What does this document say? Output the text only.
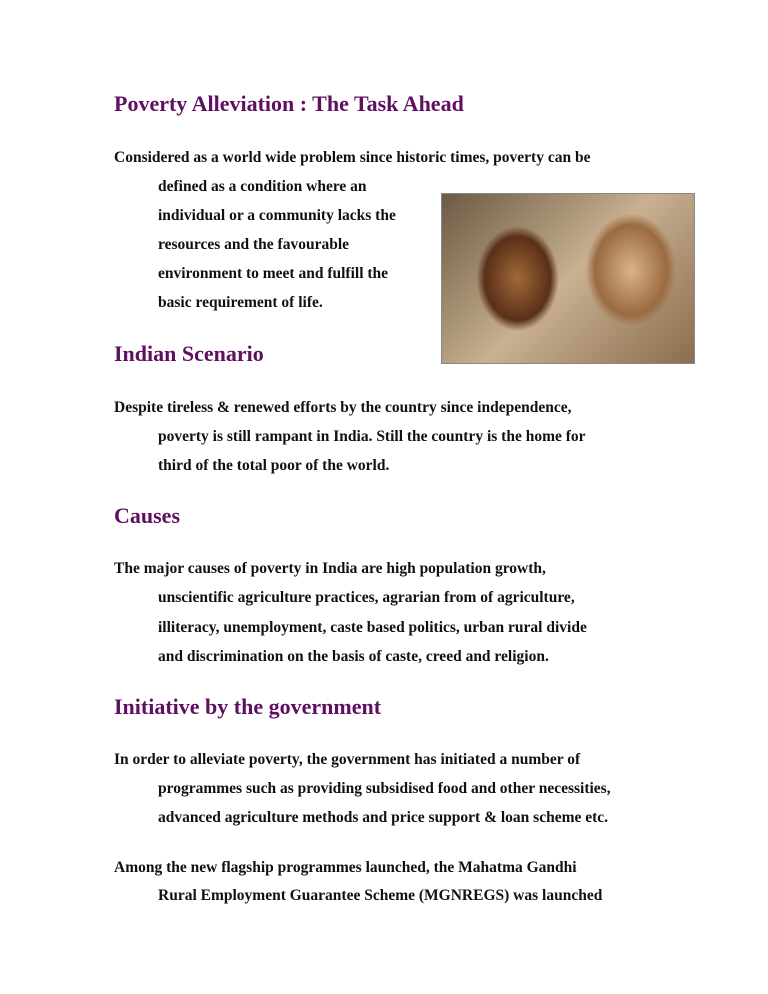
Poverty Alleviation : The Task Ahead
Considered as a world wide problem since historic times, poverty can be
defined as a condition where an
individual or a community lacks the
resources and the favourable
environment to meet and fulfill the
basic requirement of life.
Indian Scenario
Despite tireless & renewed efforts by the country since independence,
poverty is still rampant in India. Still the country is the home for
third of the total poor of the world.
Causes
The major causes of poverty in India are high population growth,
unscientific agriculture practices, agrarian from of agriculture,
illiteracy, unemployment, caste based politics, urban rural divide
and discrimination on the basis of caste, creed and religion.
Initiative by the government
In order to alleviate poverty, the government has initiated a number of
programmes such as providing subsidised food and other necessities,
advanced agriculture methods and price support & loan scheme etc.
Among the new flagship programmes launched, the Mahatma Gandhi
Rural Employment Guarantee Scheme (MGNREGS) was launched
